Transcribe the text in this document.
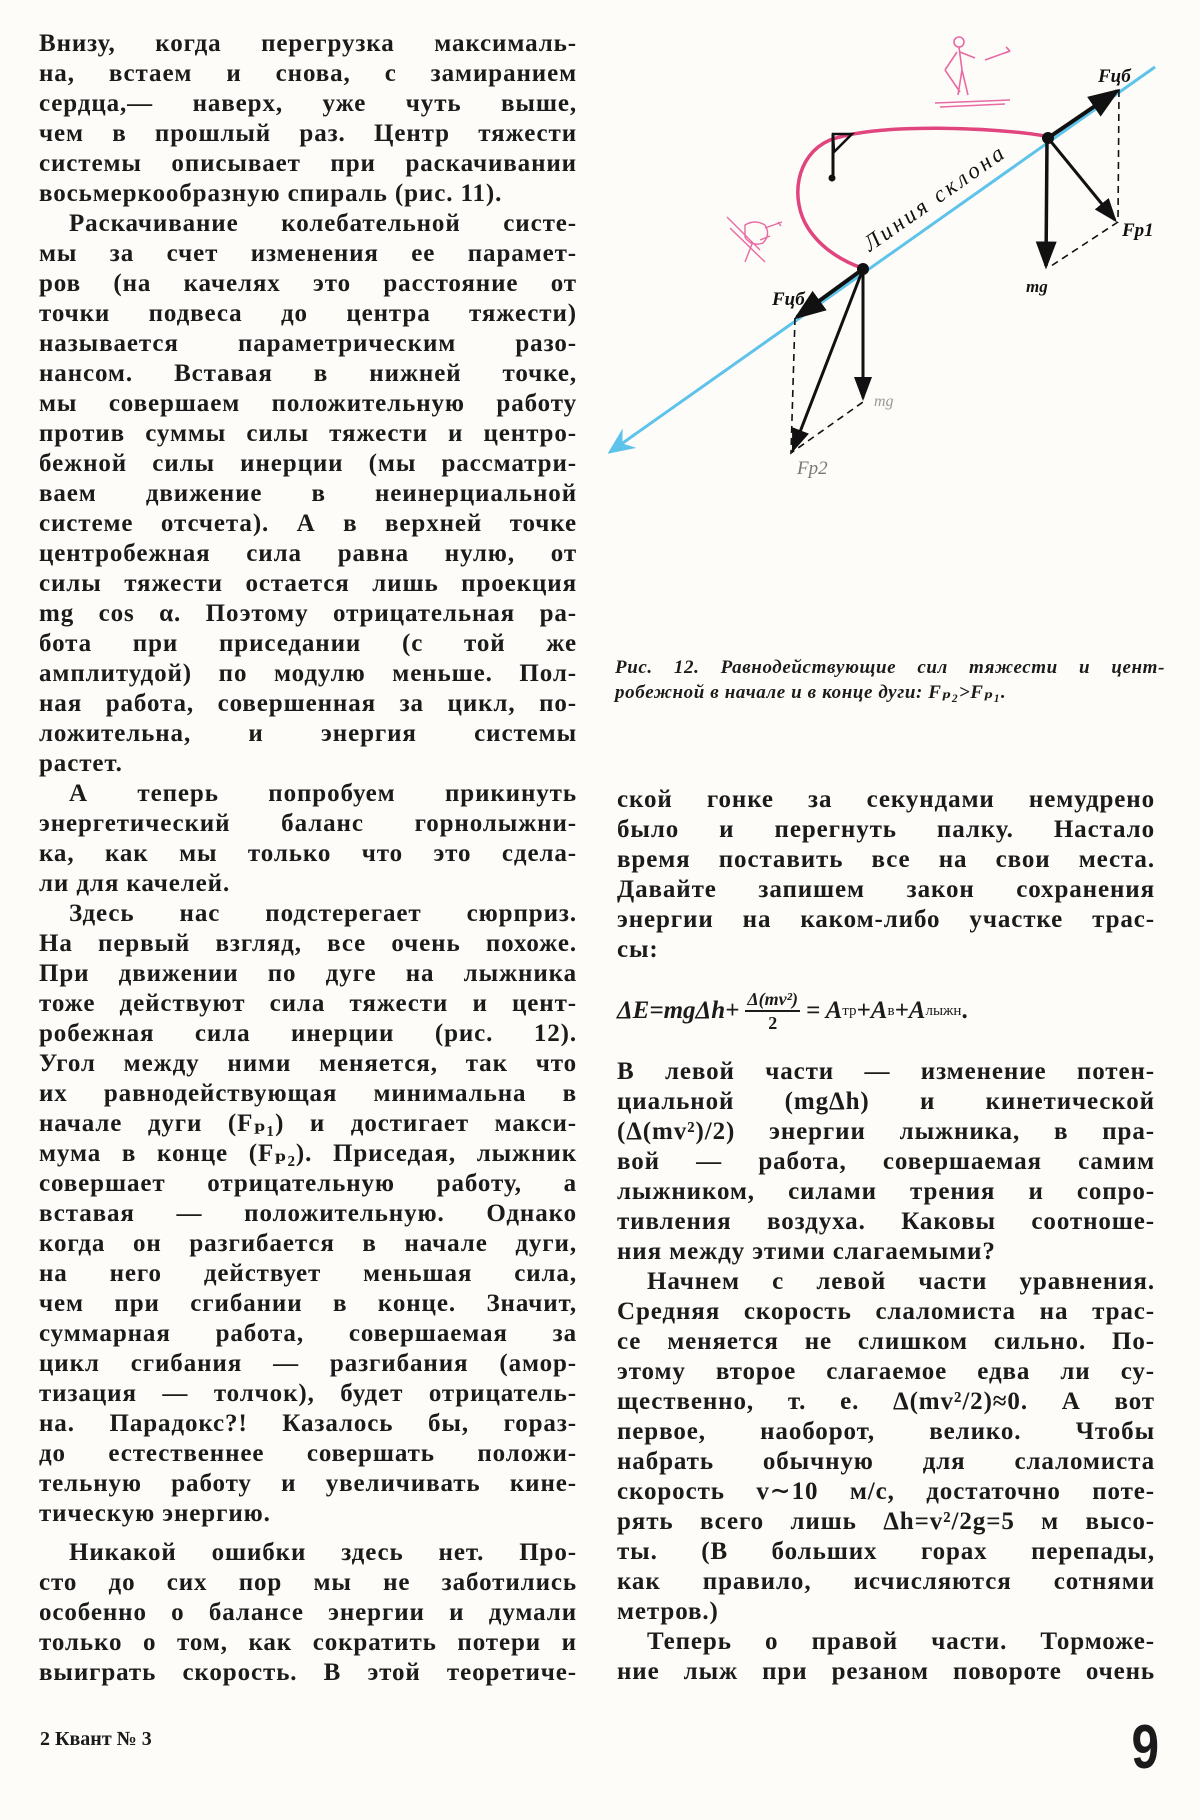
Внизу, когда перегрузка максималь-
на, встаем и снова, с замиранием
сердца,— наверх, уже чуть выше,
чем в прошлый раз. Центр тяжести
системы описывает при раскачивании
восьмеркообразную спираль (рис. 11).
Раскачивание колебательной систе-
мы за счет изменения ее парамет-
ров (на качелях это расстояние от
точки подвеса до центра тяжести)
называется параметрическим разо-
нансом. Вставая в нижней точке,
мы совершаем положительную работу
против суммы силы тяжести и центро-
бежной силы инерции (мы рассматри-
ваем движение в неинерциальной
системе отсчета). А в верхней точке
центробежная сила равна нулю, от
силы тяжести остается лишь проекция
mg cos α. Поэтому отрицательная ра-
бота при приседании (с той же
амплитудой) по модулю меньше. Пол-
ная работа, совершенная за цикл, по-
ложительна, и энергия системы
растет.
А теперь попробуем прикинуть
энергетический баланс горнолыжни-
ка, как мы только что это сдела-
ли для качелей.
Здесь нас подстерегает сюрприз.
На первый взгляд, все очень похоже.
При движении по дуге на лыжника
тоже действуют сила тяжести и цент-
робежная сила инерции (рис. 12).
Угол между ними меняется, так что
их равнодействующая минимальна в
начале дуги (Fₚ₁) и достигает макси-
мума в конце (Fₚ₂). Приседая, лыжник
совершает отрицательную работу, а
вставая — положительную. Однако
когда он разгибается в начале дуги,
на него действует меньшая сила,
чем при сгибании в конце. Значит,
суммарная работа, совершаемая за
цикл сгибания — разгибания (амор-
тизация — толчок), будет отрицатель-
на. Парадокс?! Казалось бы, гораз-
до естественнее совершать положи-
тельную работу и увеличивать кине-
тическую энергию.
Никакой ошибки здесь нет. Про-
сто до сих пор мы не заботились
особенно о балансе энергии и думали
только о том, как сократить потери и
выиграть скорость. В этой теоретиче-
ской гонке за секундами немудрено
было и перегнуть палку. Настало
время поставить все на свои места.
Давайте запишем закон сохранения
энергии на каком-либо участке трас-
сы:
$\Delta E=mg\Delta h+ \frac{\text{Δ(mv²)}}{2} = A$ тр +A в +A лыжн .
В левой части — изменение потен-
циальной (mgΔh) и кинетической
(Δ(mv²)/2) энергии лыжника, в пра-
вой — работа, совершаемая самим
лыжником, силами трения и сопро-
тивления воздуха. Каковы соотноше-
ния между этими слагаемыми?
Начнем с левой части уравнения.
Средняя скорость слаломиста на трас-
се меняется не слишком сильно. По-
этому второе слагаемое едва ли су-
щественно, т. е. Δ(mv²/2)≈0. А вот
первое, наоборот, велико. Чтобы
набрать обычную для слаломиста
скорость v∼10 м/с, достаточно поте-
рять всего лишь Δh=v²/2g=5 м высо-
ты. (В больших горах перепады,
как правило, исчисляются сотнями
метров.)
Теперь о правой части. Торможе-
ние лыж при резаном повороте очень
Линия склона
Fцб
Fр1
mg
Fцб
Fр2
mg
Рис. 12. Равнодействующие сил тяжести и цент-
робежной в начале и в конце дуги: Fₚ₂>Fₚ₁.
2 Квант № 3	9
